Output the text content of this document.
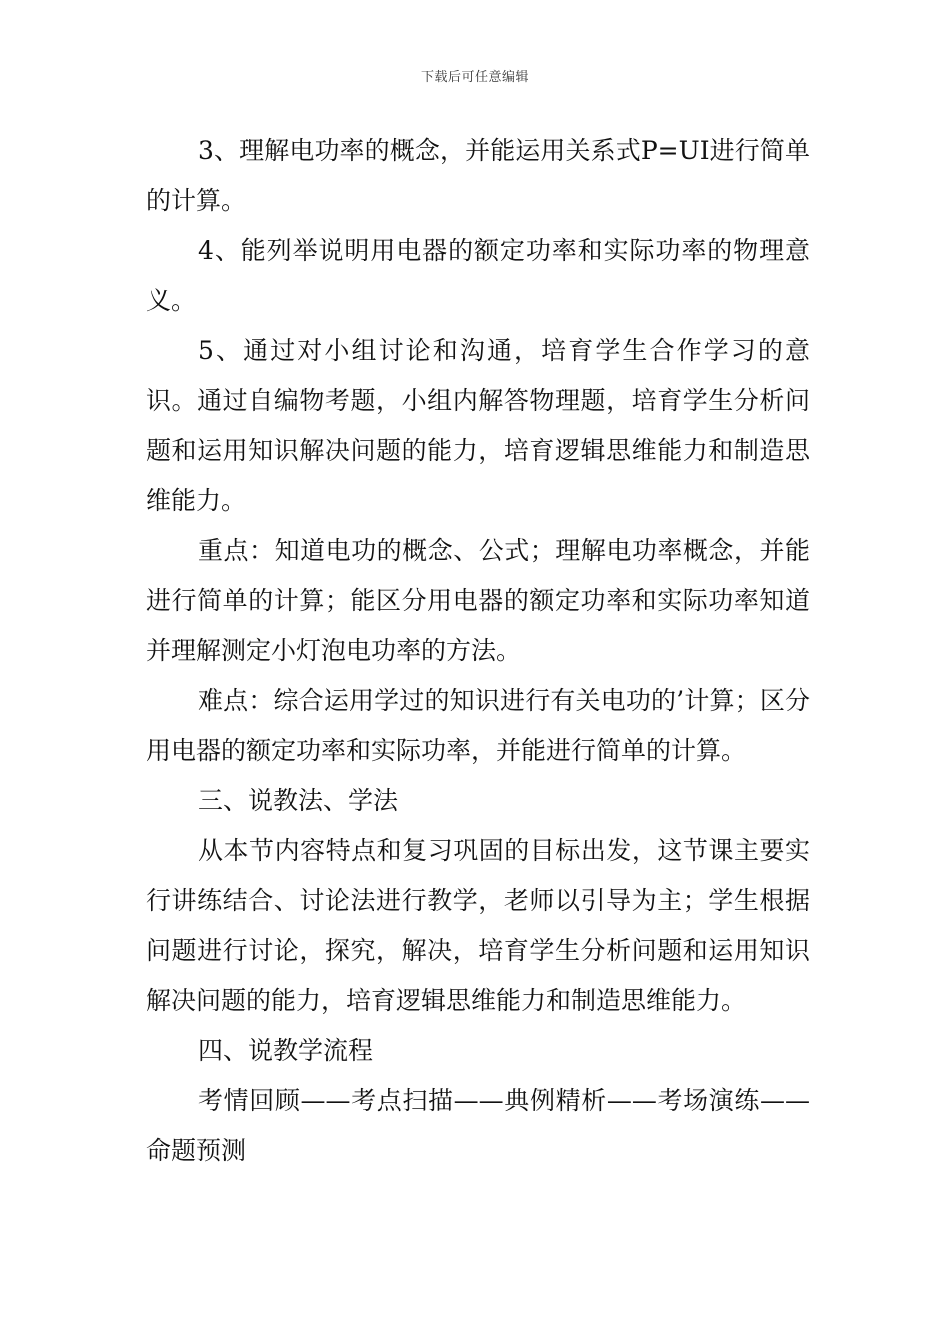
下载后可任意编辑

3、理解电功率的概念，并能运用关系式P=UI进行简单的计算。

4、能列举说明用电器的额定功率和实际功率的物理意义。

5、通过对小组讨论和沟通，培育学生合作学习的意识。通过自编物考题，小组内解答物理题，培育学生分析问题和运用知识解决问题的能力，培育逻辑思维能力和制造思维能力。

重点：知道电功的概念、公式；理解电功率概念，并能进行简单的计算；能区分用电器的额定功率和实际功率知道并理解测定小灯泡电功率的方法。

难点：综合运用学过的知识进行有关电功的’计算；区分用电器的额定功率和实际功率，并能进行简单的计算。

三、说教法、学法

从本节内容特点和复习巩固的目标出发，这节课主要实行讲练结合、讨论法进行教学，老师以引导为主；学生根据问题进行讨论，探究，解决，培育学生分析问题和运用知识解决问题的能力，培育逻辑思维能力和制造思维能力。

四、说教学流程

考情回顾——考点扫描——典例精析——考场演练——命题预测
